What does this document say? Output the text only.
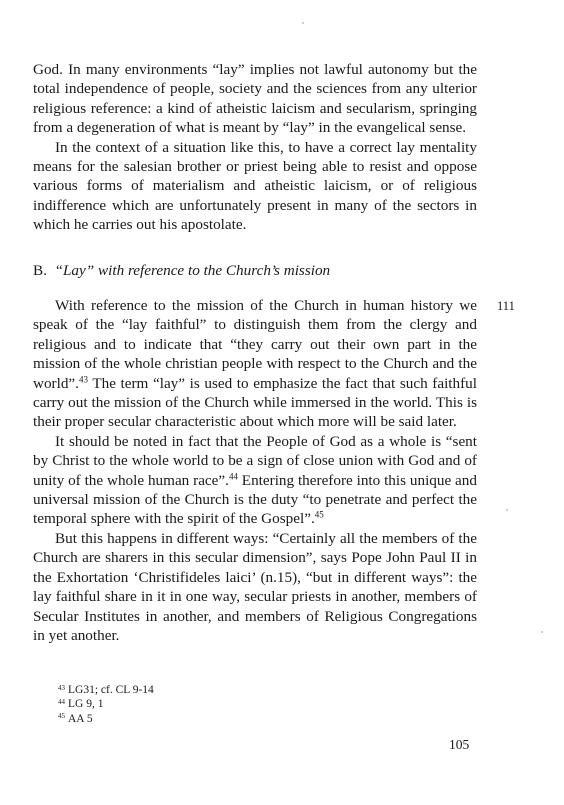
God. In many environments “lay” implies not lawful autonomy but the total independence of people, society and the sciences from any ulterior religious reference: a kind of atheistic laicism and secularism, springing from a degeneration of what is meant by “lay” in the evangelical sense.

In the context of a situation like this, to have a correct lay mentality means for the salesian brother or priest being able to resist and oppose various forms of materialism and atheistic laicism, or of religious indifference which are unfortunately present in many of the sectors in which he carries out his apostolate.

B. “Lay” with reference to the Church’s mission

111

With reference to the mission of the Church in human history we speak of the “lay faithful” to distinguish them from the clergy and religious and to indicate that “they carry out their own part in the mission of the whole christian people with respect to the Church and the world”.$^{43}$ The term “lay” is used to emphasize the fact that such faithful carry out the mission of the Church while immersed in the world. This is their proper secular characteristic about which more will be said later.

It should be noted in fact that the People of God as a whole is “sent by Christ to the whole world to be a sign of close union with God and of unity of the whole human race”.$^{44}$ Entering therefore into this unique and universal mission of the Church is the duty “to penetrate and perfect the temporal sphere with the spirit of the Gospel”.$^{45}$

But this happens in different ways: “Certainly all the members of the Church are sharers in this secular dimension”, says Pope John Paul II in the Exhortation ‘Christifideles laici’ (n.15), “but in different ways”: the lay faithful share in it in one way, secular priests in another, members of Secular Institutes in another, and members of Religious Congregations in yet another.

$^{43}$ LG31; cf. CL 9-14
$^{44}$ LG 9, 1
$^{45}$ AA 5
105
